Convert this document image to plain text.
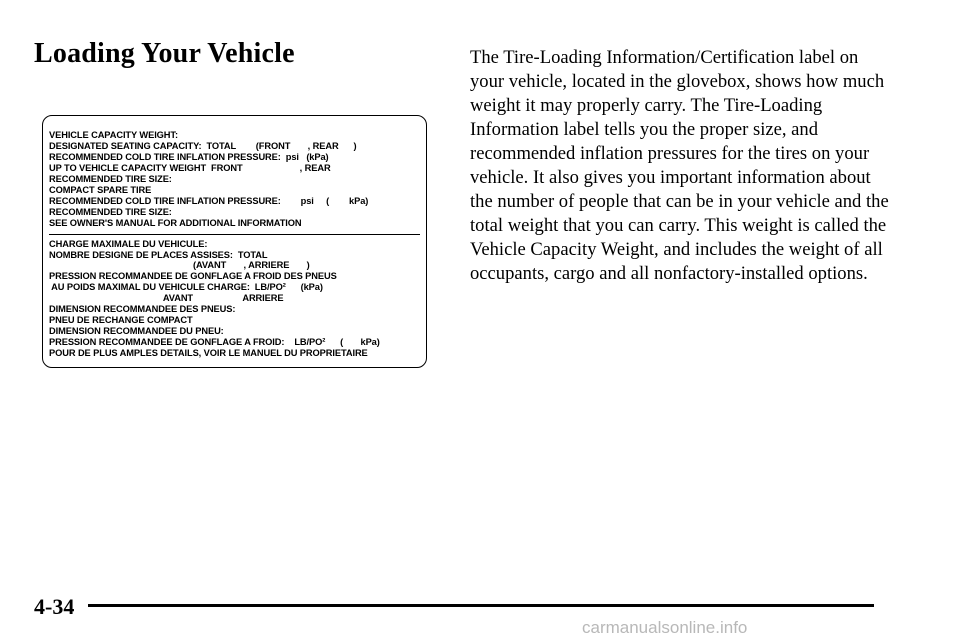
Loading Your Vehicle	The Tire-Loading Information/Certification label on
your vehicle, located in the glovebox, shows how much
weight it may properly carry. The Tire-Loading
Information label tells you the proper size, and
recommended inflation pressures for the tires on your
vehicle. It also gives you important information about
the number of people that can be in your vehicle and the
total weight that you can carry. This weight is called the
Vehicle Capacity Weight, and includes the weight of all
occupants, cargo and all nonfactory-installed options.
VEHICLE CAPACITY WEIGHT:
DESIGNATED SEATING CAPACITY:  TOTAL        (FRONT       , REAR      )
RECOMMENDED COLD TIRE INFLATION PRESSURE:  psi   (kPa)
UP TO VEHICLE CAPACITY WEIGHT  FRONT                       , REAR
RECOMMENDED TIRE SIZE:
COMPACT SPARE TIRE
RECOMMENDED COLD TIRE INFLATION PRESSURE:        psi     (        kPa)
RECOMMENDED TIRE SIZE:
SEE OWNER'S MANUAL FOR ADDITIONAL INFORMATION
CHARGE MAXIMALE DU VEHICULE:
NOMBRE DESIGNE DE PLACES ASSISES:  TOTAL
(AVANT       , ARRIERE       )
PRESSION RECOMMANDEE DE GONFLAGE A FROID DES PNEUS
AU POIDS MAXIMAL DU VEHICULE CHARGE:  LB/PO²      (kPa)
AVANT                    ARRIERE
DIMENSION RECOMMANDEE DES PNEUS:
PNEU DE RECHANGE COMPACT
DIMENSION RECOMMANDEE DU PNEU:
PRESSION RECOMMANDEE DE GONFLAGE A FROID:    LB/PO²      (       kPa)
POUR DE PLUS AMPLES DETAILS, VOIR LE MANUEL DU PROPRIETAIRE
4-34
carmanualsonline.info
